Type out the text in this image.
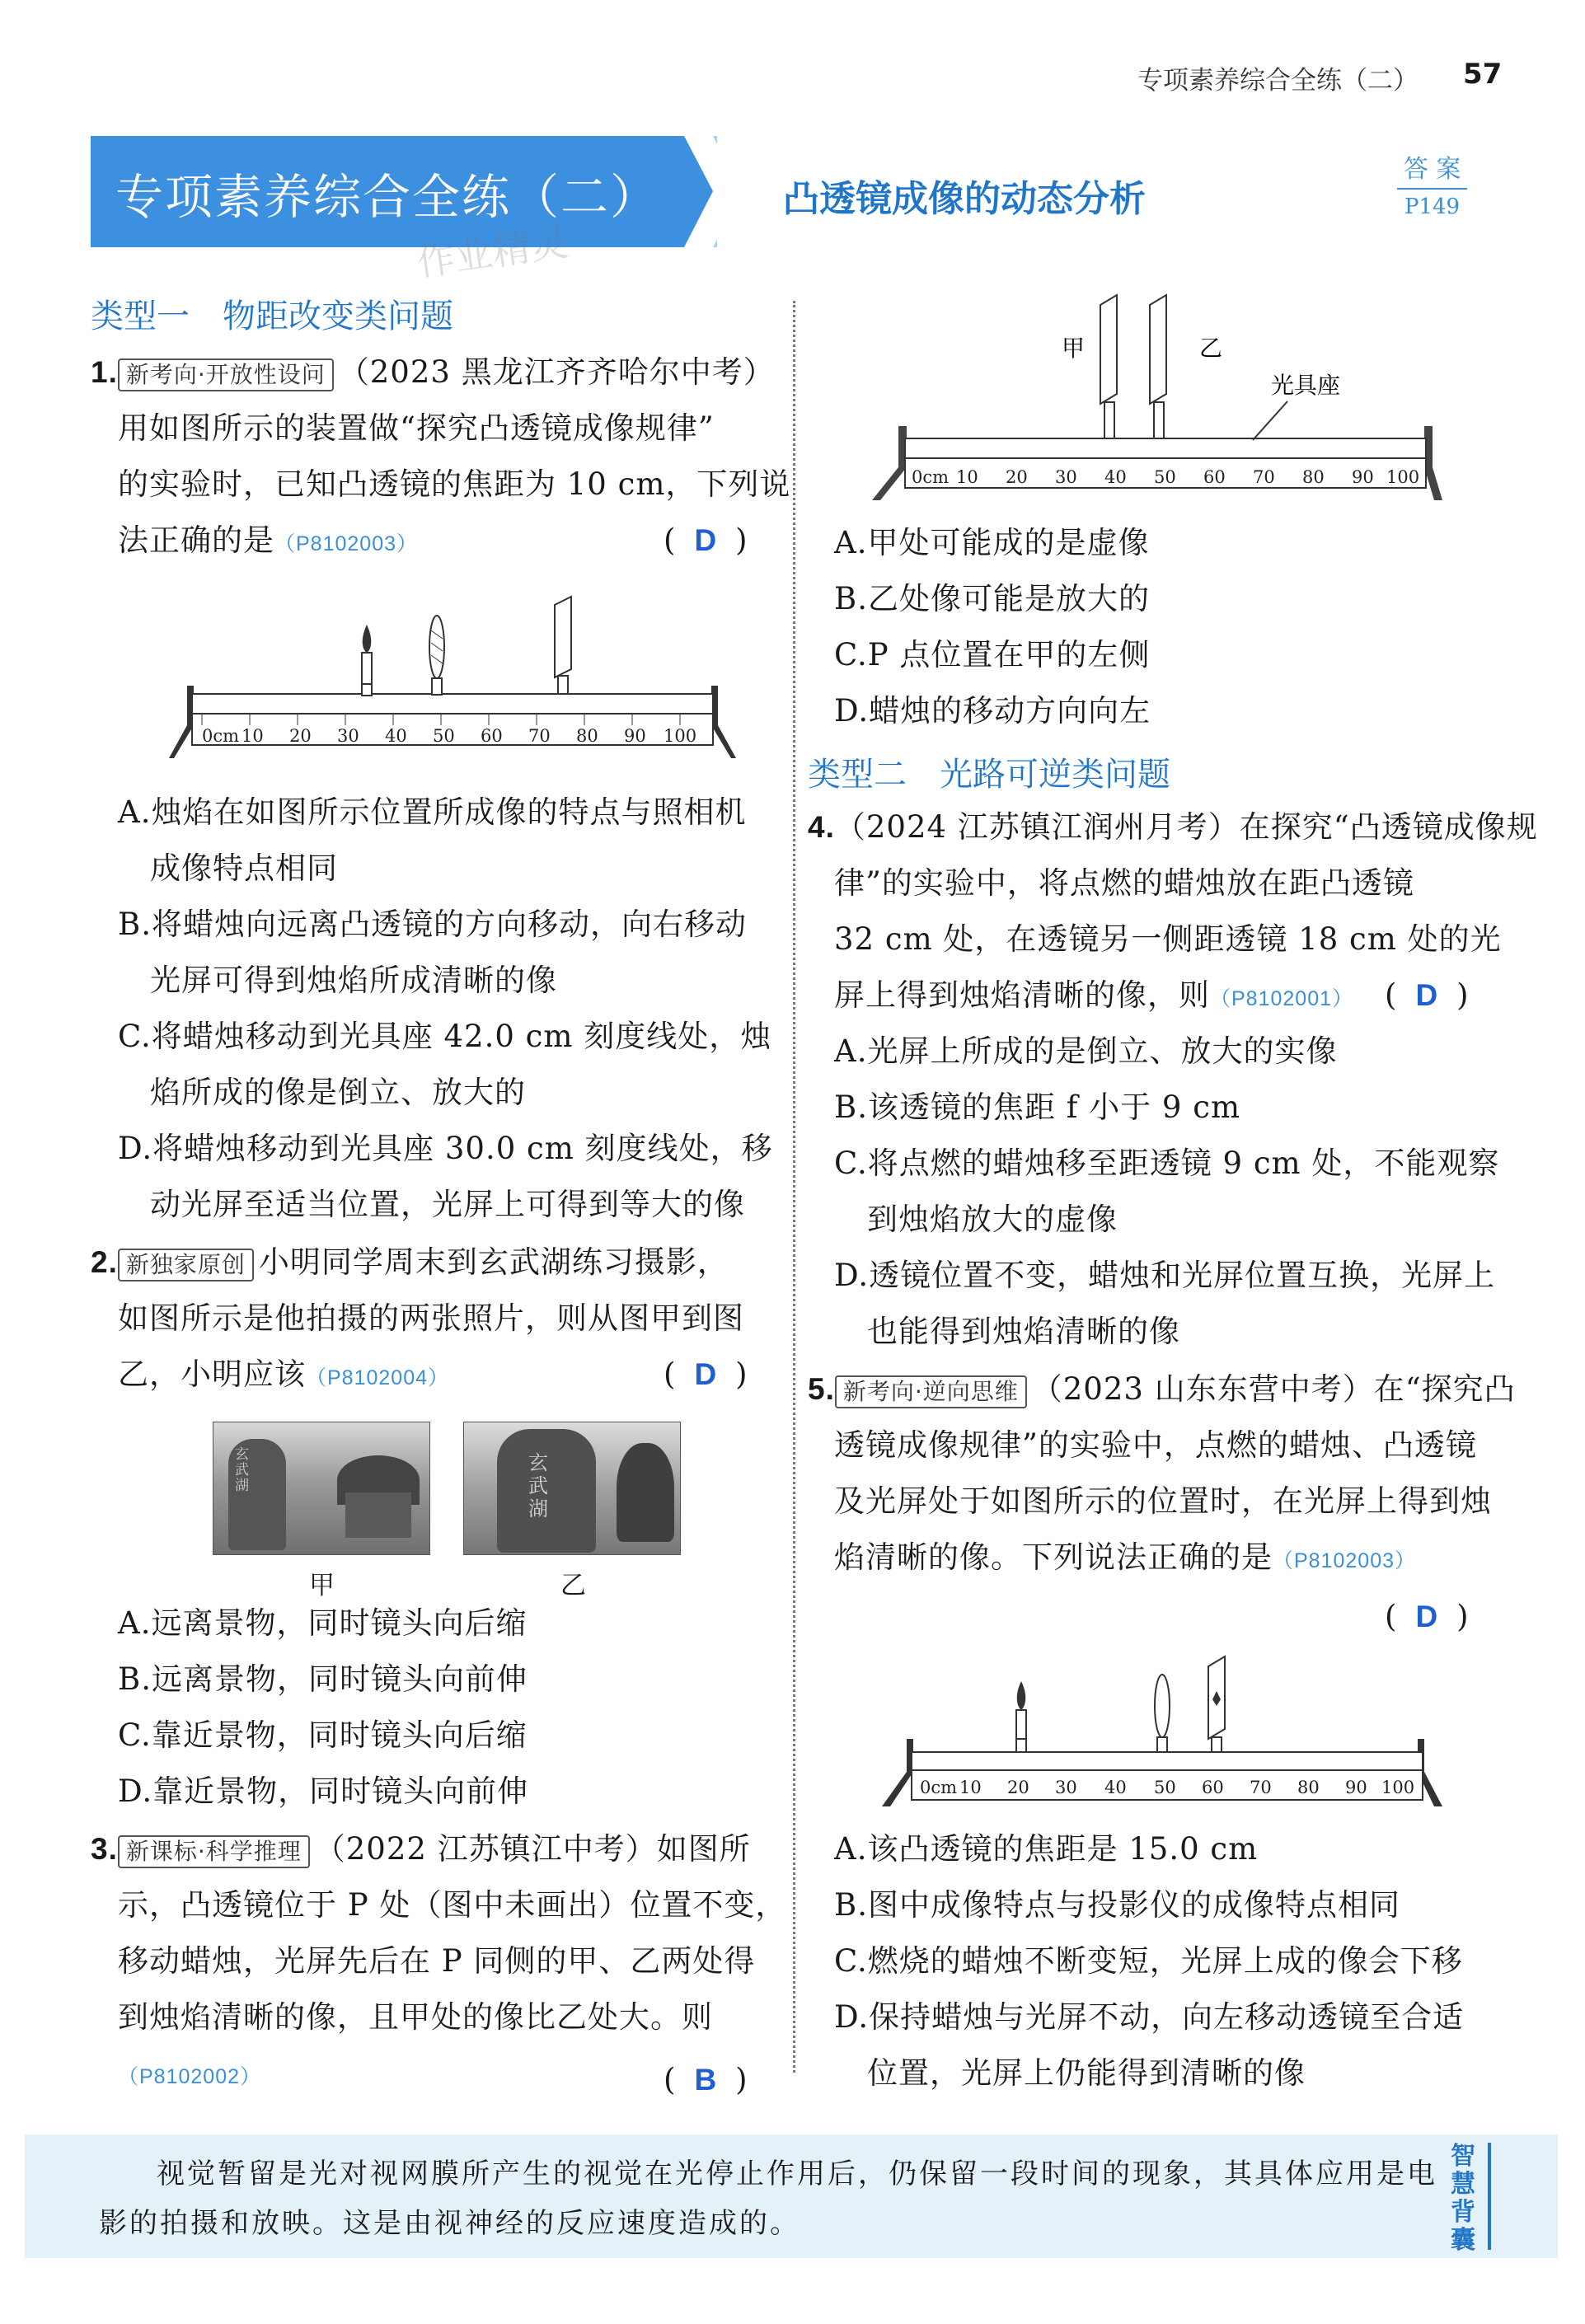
专项素养综合全练（二） 57
专项素养综合全练（二）
作业精灵
凸透镜成像的动态分析
答 案
P149
类型一　物距改变类问题
1. 新考向·开放性设问 （2023 黑龙江齐齐哈尔中考）
用如图所示的装置做“探究凸透镜成像规律”
的实验时，已知凸透镜的焦距为 10 cm，下列说
法正确的是（P8102003）	( D )
0cm 10 20 30 40 50 60 70 80 90 100
A.烛焰在如图所示位置所成像的特点与照相机
成像特点相同
B.将蜡烛向远离凸透镜的方向移动，向右移动
光屏可得到烛焰所成清晰的像
C.将蜡烛移动到光具座 42.0 cm 刻度线处，烛
焰所成的像是倒立、放大的
D.将蜡烛移动到光具座 30.0 cm 刻度线处，移
动光屏至适当位置，光屏上可得到等大的像
2. 新独家原创 小明同学周末到玄武湖练习摄影，
如图所示是他拍摄的两张照片，则从图甲到图
乙，小明应该（P8102004）	( D )
玄武湖
玄武湖
甲	乙
A.远离景物，同时镜头向后缩
B.远离景物，同时镜头向前伸
C.靠近景物，同时镜头向后缩
D.靠近景物，同时镜头向前伸
3. 新课标·科学推理 （2022 江苏镇江中考）如图所
示，凸透镜位于 P 处（图中未画出）位置不变，
移动蜡烛，光屏先后在 P 同侧的甲、乙两处得
到烛焰清晰的像，且甲处的像比乙处大。则
（P8102002）	( B )
0cm 10 20 30 40 50 60 70 80 90 100
甲	乙
光具座
A.甲处可能成的是虚像
B.乙处像可能是放大的
C.P 点位置在甲的左侧
D.蜡烛的移动方向向左
类型二　光路可逆类问题
4.（2024 江苏镇江润州月考）在探究“凸透镜成像规
律”的实验中，将点燃的蜡烛放在距凸透镜
32 cm 处，在透镜另一侧距透镜 18 cm 处的光
屏上得到烛焰清晰的像，则（P8102001） ( D )
A.光屏上所成的是倒立、放大的实像
B.该透镜的焦距 f 小于 9 cm
C.将点燃的蜡烛移至距透镜 9 cm 处，不能观察
到烛焰放大的虚像
D.透镜位置不变，蜡烛和光屏位置互换，光屏上
也能得到烛焰清晰的像
5. 新考向·逆向思维 （2023 山东东营中考）在“探究凸
透镜成像规律”的实验中，点燃的蜡烛、凸透镜
及光屏处于如图所示的位置时，在光屏上得到烛
焰清晰的像。下列说法正确的是（P8102003）
( D )
0cm 10 20 30 40 50 60 70 80 90 100
A.该凸透镜的焦距是 15.0 cm
B.图中成像特点与投影仪的成像特点相同
C.燃烧的蜡烛不断变短，光屏上成的像会下移
D.保持蜡烛与光屏不动，向左移动透镜至合适
位置，光屏上仍能得到清晰的像
视觉暂留是光对视网膜所产生的视觉在光停止作用后，仍保留一段时间的现象，其具体应用是电
影的拍摄和放映。这是由视神经的反应速度造成的。
智慧背囊
